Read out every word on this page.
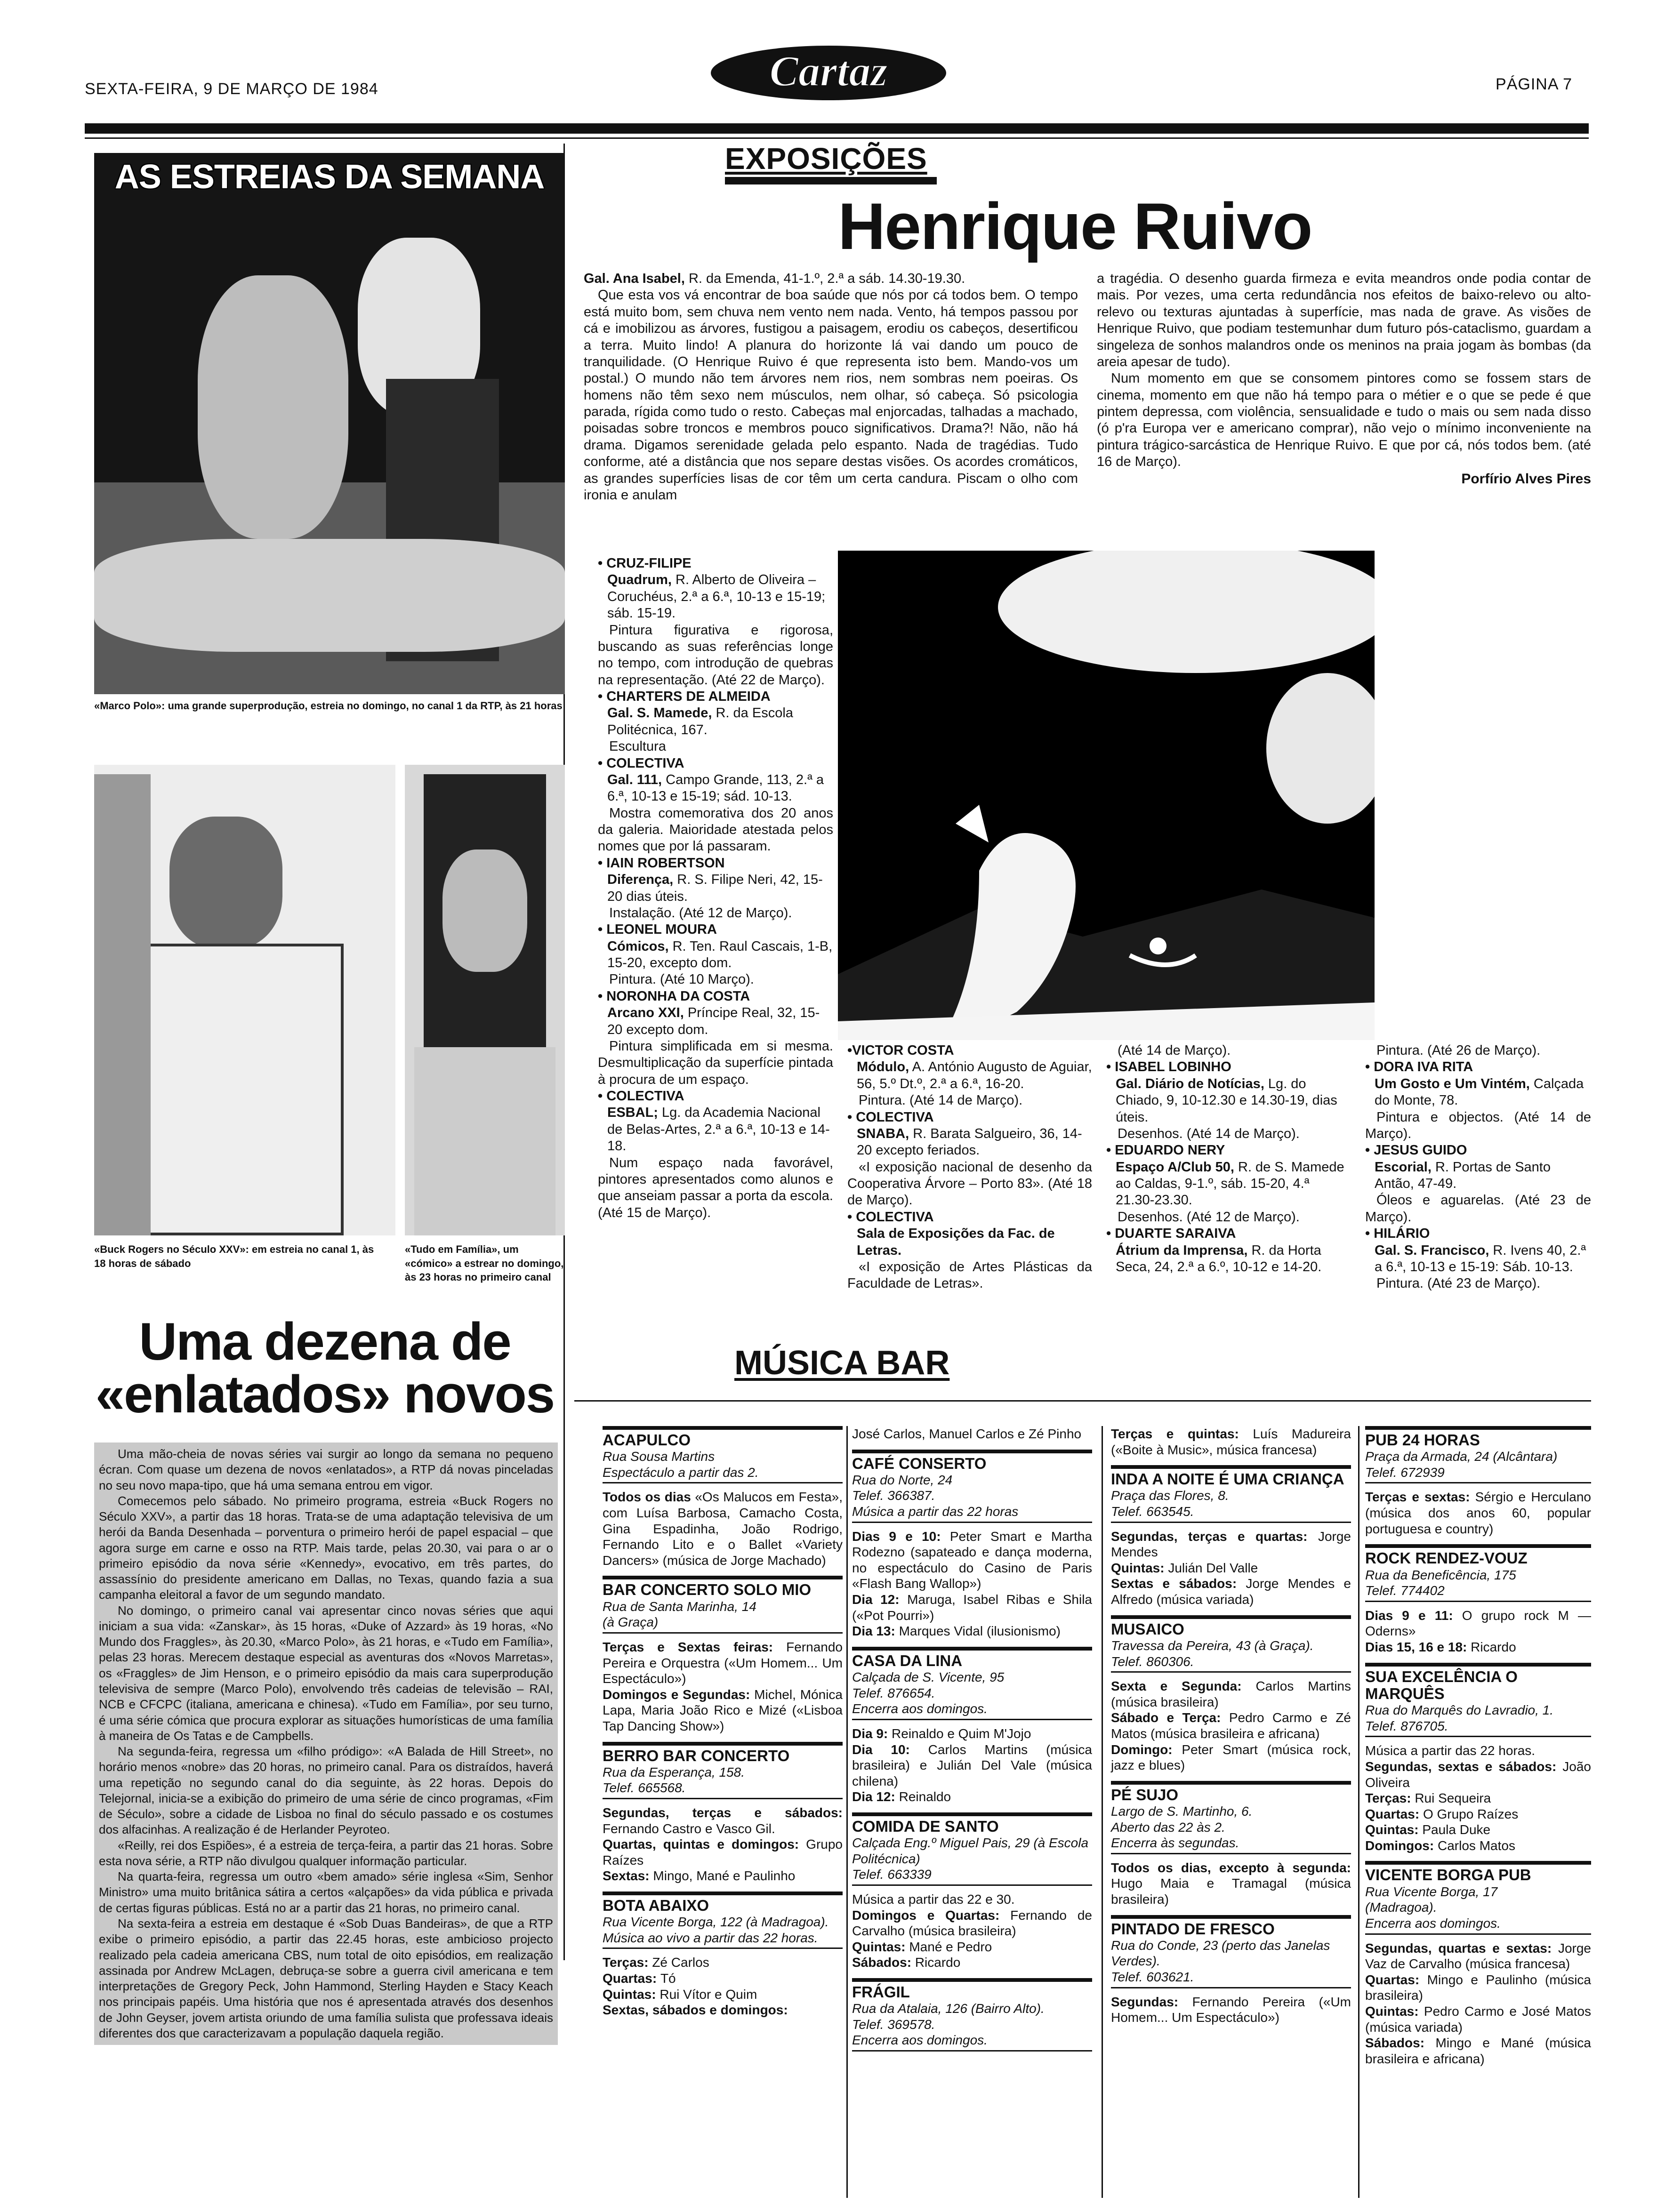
SEXTA-FEIRA, 9 DE MARÇO DE 1984	Cartaz	PÁGINA 7
AS ESTREIAS DA SEMANA
«Marco Polo»: uma grande superprodução, estreia no domingo, no canal 1 da RTP, às 21 horas
«Buck Rogers no Século XXV»: em estreia no canal 1, às 18 horas de sábado
«Tudo em Família», um «cómico» a estrear no domingo, às 23 horas no primeiro canal
Uma dezena de «enlatados» novos

Uma mão-cheia de novas séries vai surgir ao longo da semana no pequeno écran. Com quase um dezena de novos «enlatados», a RTP dá novas pinceladas no seu novo mapa-tipo, que há uma semana entrou em vigor.

Comecemos pelo sábado. No primeiro programa, estreia «Buck Rogers no Século XXV», a partir das 18 horas. Trata-se de uma adaptação televisiva de um herói da Banda Desenhada – porventura o primeiro herói de papel espacial – que agora surge em carne e osso na RTP. Mais tarde, pelas 20.30, vai para o ar o primeiro episódio da nova série «Kennedy», evocativo, em três partes, do assassínio do presidente americano em Dallas, no Texas, quando fazia a sua campanha eleitoral a favor de um segundo mandato.

No domingo, o primeiro canal vai apresentar cinco novas séries que aqui iniciam a sua vida: «Zanskar», às 15 horas, «Duke of Azzard» às 19 horas, «No Mundo dos Fraggles», às 20.30, «Marco Polo», às 21 horas, e «Tudo em Família», pelas 23 horas. Merecem destaque especial as aventuras dos «Novos Marretas», os «Fraggles» de Jim Henson, e o primeiro episódio da mais cara superprodução televisiva de sempre (Marco Polo), envolvendo três cadeias de televisão – RAI, NCB e CFCPC (italiana, americana e chinesa). «Tudo em Família», por seu turno, é uma série cómica que procura explorar as situações humorísticas de uma família à maneira de Os Tatas e de Campbells.

Na segunda-feira, regressa um «filho pródigo»: «A Balada de Hill Street», no horário menos «nobre» das 20 horas, no primeiro canal. Para os distraídos, haverá uma repetição no segundo canal do dia seguinte, às 22 horas. Depois do Telejornal, inicia-se a exibição do primeiro de uma série de cinco programas, «Fim de Século», sobre a cidade de Lisboa no final do século passado e os costumes dos alfacinhas. A realização é de Herlander Peyroteo.

«Reilly, rei dos Espiões», é a estreia de terça-feira, a partir das 21 horas. Sobre esta nova série, a RTP não divulgou qualquer informação particular.

Na quarta-feira, regressa um outro «bem amado» série inglesa «Sim, Senhor Ministro» uma muito britânica sátira a certos «alçapões» da vida pública e privada de certas figuras públicas. Está no ar a partir das 21 horas, no primeiro canal.

Na sexta-feira a estreia em destaque é «Sob Duas Bandeiras», de que a RTP exibe o primeiro episódio, a partir das 22.45 horas, este ambicioso projecto realizado pela cadeia americana CBS, num total de oito episódios, em realização assinada por Andrew McLagen, debruça-se sobre a guerra civil americana e tem interpretações de Gregory Peck, John Hammond, Sterling Hayden e Stacy Keach nos principais papéis. Uma história que nos é apresentada através dos desenhos de John Geyser, jovem artista oriundo de uma família sulista que professava ideais diferentes dos que caracterizavam a população daquela região.

EXPOSIÇÕES
Henrique Ruivo

Gal. Ana Isabel, R. da Emenda, 41-1.º, 2.ª a sáb. 14.30-19.30.

Que esta vos vá encontrar de boa saúde que nós por cá todos bem. O tempo está muito bom, sem chuva nem vento nem nada. Vento, há tempos passou por cá e imobilizou as árvores, fustigou a paisagem, erodiu os cabeços, desertificou a terra. Muito lindo! A planura do horizonte lá vai dando um pouco de tranquilidade. (O Henrique Ruivo é que representa isto bem. Mando-vos um postal.) O mundo não tem árvores nem rios, nem sombras nem poeiras. Os homens não têm sexo nem músculos, nem olhar, só cabeça. Só psicologia parada, rígida como tudo o resto. Cabeças mal enjorcadas, talhadas a machado, poisadas sobre troncos e membros pouco significativos. Drama?! Não, não há drama. Digamos serenidade gelada pelo espanto. Nada de tragédias. Tudo conforme, até a distância que nos separe destas visões. Os acordes cromáticos, as grandes superfícies lisas de cor têm um certa candura. Piscam o olho com ironia e anulam

a tragédia. O desenho guarda firmeza e evita meandros onde podia contar de mais. Por vezes, uma certa redundância nos efeitos de baixo-relevo ou alto-relevo ou texturas ajuntadas à superfície, mas nada de grave. As visões de Henrique Ruivo, que podiam testemunhar dum futuro pós-cataclismo, guardam a singeleza de sonhos malandros onde os meninos na praia jogam às bombas (da areia apesar de tudo).

Num momento em que se consomem pintores como se fossem stars de cinema, momento em que não há tempo para o métier e o que se pede é que pintem depressa, com violência, sensualidade e tudo o mais ou sem nada disso (ó p'ra Europa ver e americano comprar), não vejo o mínimo inconveniente na pintura trágico-sarcástica de Henrique Ruivo. E que por cá, nós todos bem. (até 16 de Março).

Porfírio Alves Pires

• CRUZ-FILIPE
Quadrum, R. Alberto de Oliveira – Coruchéus, 2.ª a 6.ª, 10-13 e 15-19; sáb. 15-19.
Pintura figurativa e rigorosa, buscando as suas referências longe no tempo, com introdução de quebras na representação. (Até 22 de Março).
• CHARTERS DE ALMEIDA
Gal. S. Mamede, R. da Escola Politécnica, 167.
Escultura
• COLECTIVA
Gal. 111, Campo Grande, 113, 2.ª a 6.ª, 10-13 e 15-19; sád. 10-13.
Mostra comemorativa dos 20 anos da galeria. Maioridade atestada pelos nomes que por lá passaram.
• IAIN ROBERTSON
Diferença, R. S. Filipe Neri, 42, 15-20 dias úteis.
Instalação. (Até 12 de Março).
• LEONEL MOURA
Cómicos, R. Ten. Raul Cascais, 1-B, 15-20, excepto dom.
Pintura. (Até 10 Março).
• NORONHA DA COSTA
Arcano XXI, Príncipe Real, 32, 15-20 excepto dom.
Pintura simplificada em si mesma. Desmultiplicação da superfície pintada à procura de um espaço.
• COLECTIVA
ESBAL; Lg. da Academia Nacional de Belas-Artes, 2.ª a 6.ª, 10-13 e 14-18.
Num espaço nada favorável, pintores apresentados como alunos e que anseiam passar a porta da escola. (Até 15 de Março).
•VICTOR COSTA
Módulo, A. António Augusto de Aguiar, 56, 5.º Dt.º, 2.ª a 6.ª, 16-20.
Pintura. (Até 14 de Março).
• COLECTIVA
SNABA, R. Barata Salgueiro, 36, 14-20 excepto feriados.
«I exposição nacional de desenho da Cooperativa Árvore – Porto 83». (Até 18 de Março).
• COLECTIVA
Sala de Exposições da Fac. de Letras.
«I exposição de Artes Plásticas da Faculdade de Letras».
(Até 14 de Março).
• ISABEL LOBINHO
Gal. Diário de Notícias, Lg. do Chiado, 9, 10-12.30 e 14.30-19, dias úteis.
Desenhos. (Até 14 de Março).
• EDUARDO NERY
Espaço A/Club 50, R. de S. Mamede ao Caldas, 9-1.º, sáb. 15-20, 4.ª 21.30-23.30.
Desenhos. (Até 12 de Março).
• DUARTE SARAIVA
Átrium da Imprensa, R. da Horta Seca, 24, 2.ª a 6.º, 10-12 e 14-20.
Pintura. (Até 26 de Março).
• DORA IVA RITA
Um Gosto e Um Vintém, Calçada do Monte, 78.
Pintura e objectos. (Até 14 de Março).
• JESUS GUIDO
Escorial, R. Portas de Santo Antão, 47-49.
Óleos e aguarelas. (Até 23 de Março).
• HILÁRIO
Gal. S. Francisco, R. Ivens 40, 2.ª a 6.ª, 10-13 e 15-19: Sáb. 10-13.
Pintura. (Até 23 de Março).
MÚSICA BAR
ACAPULCO
Rua Sousa Martins
Espectáculo a partir das 2.
Todos os dias «Os Malucos em Festa», com Luísa Barbosa, Camacho Costa, Gina Espadinha, João Rodrigo, Fernando Lito e o Ballet «Variety Dancers» (música de Jorge Machado)
BAR CONCERTO SOLO MIO
Rua de Santa Marinha, 14
(à Graça)
Terças e Sextas feiras: Fernando Pereira e Orquestra («Um Homem... Um Espectáculo»)
Domingos e Segundas: Michel, Mónica Lapa, Maria João Rico e Mizé («Lisboa Tap Dancing Show»)
BERRO BAR CONCERTO
Rua da Esperança, 158.
Telef. 665568.
Segundas, terças e sábados: Fernando Castro e Vasco Gil.
Quartas, quintas e domingos: Grupo Raízes
Sextas: Mingo, Mané e Paulinho
BOTA ABAIXO
Rua Vicente Borga, 122 (à Madragoa).
Música ao vivo a partir das 22 horas.
Terças: Zé Carlos
Quartas: Tó
Quintas: Rui Vítor e Quim
Sextas, sábados e domingos:
José Carlos, Manuel Carlos e Zé Pinho
CAFÉ CONSERTO
Rua do Norte, 24
Telef. 366387.
Música a partir das 22 horas
Dias 9 e 10: Peter Smart e Martha Rodezno (sapateado e dança moderna, no espectáculo do Casino de Paris «Flash Bang Wallop»)
Dia 12: Maruga, Isabel Ribas e Shila («Pot Pourri»)
Dia 13: Marques Vidal (ilusionismo)
CASA DA LINA
Calçada de S. Vicente, 95
Telef. 876654.
Encerra aos domingos.
Dia 9: Reinaldo e Quim M'Jojo
Dia 10: Carlos Martins (música brasileira) e Julián Del Vale (música chilena)
Dia 12: Reinaldo
COMIDA DE SANTO
Calçada Eng.º Miguel Pais, 29 (à Escola Politécnica)
Telef. 663339
Música a partir das 22 e 30.
Domingos e Quartas: Fernando de Carvalho (música brasileira)
Quintas: Mané e Pedro
Sábados: Ricardo
FRÁGIL
Rua da Atalaia, 126 (Bairro Alto).
Telef. 369578.
Encerra aos domingos.
Terças e quintas: Luís Madureira («Boite à Music», música francesa)
INDA A NOITE É UMA CRIANÇA
Praça das Flores, 8.
Telef. 663545.
Segundas, terças e quartas: Jorge Mendes
Quintas: Julián Del Valle
Sextas e sábados: Jorge Mendes e Alfredo (música variada)
MUSAICO
Travessa da Pereira, 43 (à Graça).
Telef. 860306.
Sexta e Segunda: Carlos Martins (música brasileira)
Sábado e Terça: Pedro Carmo e Zé Matos (música brasileira e africana)
Domingo: Peter Smart (música rock, jazz e blues)
PÉ SUJO
Largo de S. Martinho, 6.
Aberto das 22 às 2.
Encerra às segundas.
Todos os dias, excepto à segunda: Hugo Maia e Tramagal (música brasileira)
PINTADO DE FRESCO
Rua do Conde, 23 (perto das Janelas Verdes).
Telef. 603621.
Segundas: Fernando Pereira («Um Homem... Um Espectáculo»)
PUB 24 HORAS
Praça da Armada, 24 (Alcântara)
Telef. 672939
Terças e sextas: Sérgio e Herculano (música dos anos 60, popular portuguesa e country)
ROCK RENDEZ-VOUZ
Rua da Beneficência, 175
Telef. 774402
Dias 9 e 11: O grupo rock M — Oderns»
Dias 15, 16 e 18: Ricardo
SUA EXCELÊNCIA O MARQUÊS
Rua do Marquês do Lavradio, 1.
Telef. 876705.
Música a partir das 22 horas.
Segundas, sextas e sábados: João Oliveira
Terças: Rui Sequeira
Quartas: O Grupo Raízes
Quintas: Paula Duke
Domingos: Carlos Matos
VICENTE BORGA PUB
Rua Vicente Borga, 17
(Madragoa).
Encerra aos domingos.
Segundas, quartas e sextas: Jorge Vaz de Carvalho (música francesa)
Quartas: Mingo e Paulinho (música brasileira)
Quintas: Pedro Carmo e José Matos (música variada)
Sábados: Mingo e Mané (música brasileira e africana)
